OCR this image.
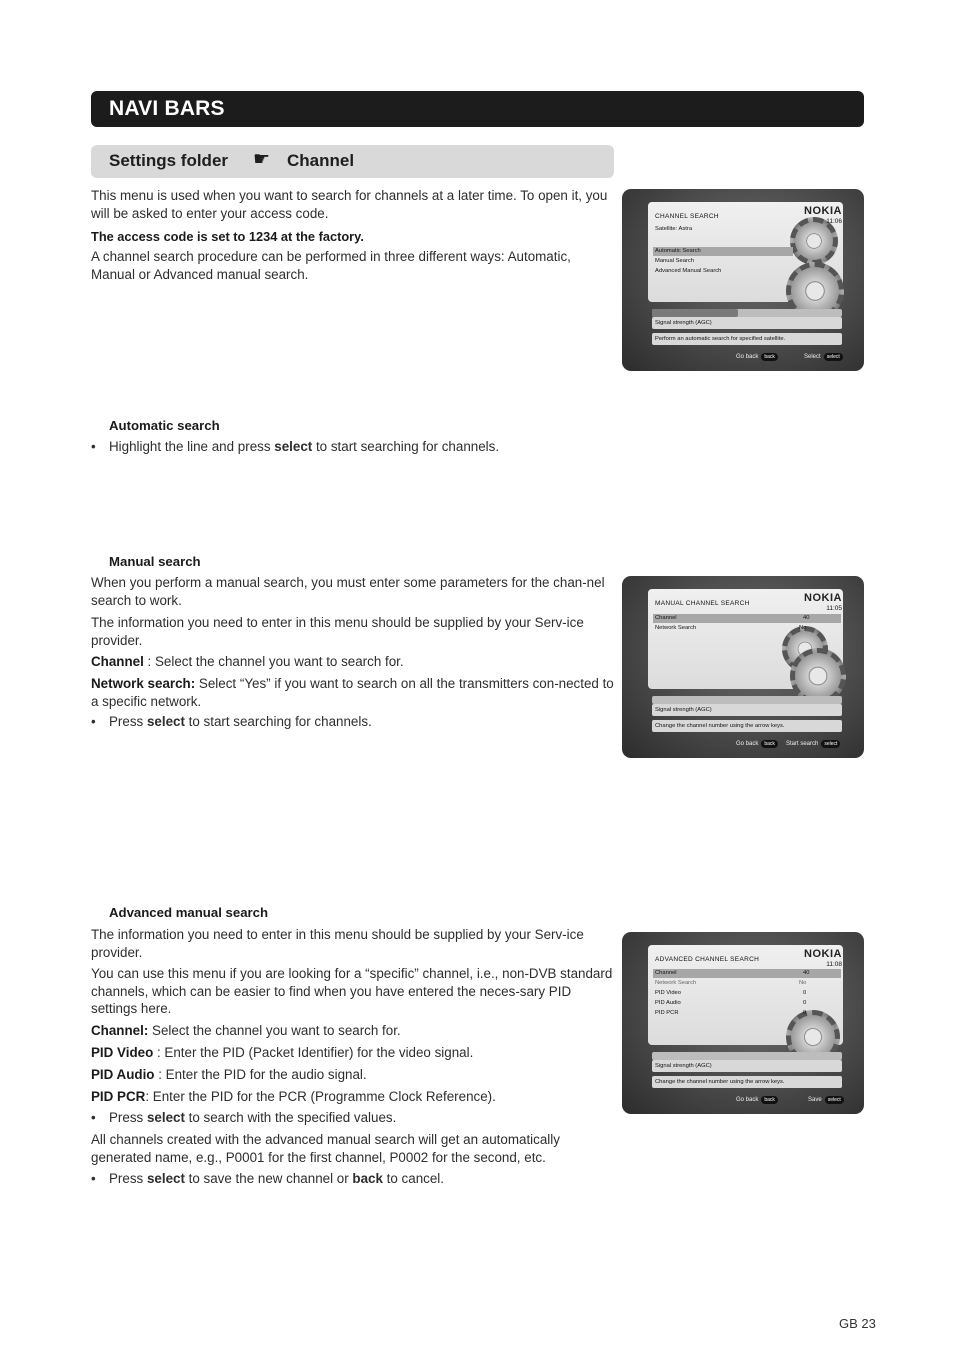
NAVI BARS
Settings folder ☛ Channel

This menu is used when you want to search for channels at a later time. To open it, you will be asked to enter your access code.

The access code is set to 1234 at the factory.

A channel search procedure can be performed in three different ways: Automatic, Manual or Advanced manual search.

NOKIA
CHANNEL SEARCH
11:06
Satellite: Astra
Automatic Search
Manual Search
Advanced Manual Search
Signal strength (AGC)
Perform an automatic search for specified satellite.
Go back back	Select select
Automatic search
• Highlight the line and press select to start searching for channels.
Manual search

When you perform a manual search, you must enter some parameters for the chan-nel search to work.

The information you need to enter in this menu should be supplied by your Serv-ice provider.

Channel : Select the channel you want to search for.

Network search: Select “Yes” if you want to search on all the transmitters con-nected to a specific network.

• Press select to start searching for channels.
NOKIA
MANUAL CHANNEL SEARCH
11:05
Channel	40
Network Search	No
Signal strength (AGC)
Change the channel number using the arrow keys.
Go back back	Start search select
Advanced manual search

The information you need to enter in this menu should be supplied by your Serv-ice provider.

You can use this menu if you are looking for a “specific” channel, i.e., non-DVB standard channels, which can be easier to find when you have entered the neces-sary PID settings here.

Channel: Select the channel you want to search for.

PID Video : Enter the PID (Packet Identifier) for the video signal.

PID Audio : Enter the PID for the audio signal.

PID PCR: Enter the PID for the PCR (Programme Clock Reference).

• Press select to search with the specified values.

All channels created with the advanced manual search will get an automatically generated name, e.g., P0001 for the first channel, P0002 for the second, etc.

• Press select to save the new channel or back to cancel.
NOKIA
ADVANCED CHANNEL SEARCH
11:08
Channel	40
Network Search	No
PID Video	0
PID Audio	0
PID PCR	0
Signal strength (AGC)
Change the channel number using the arrow keys.
Go back back	Save select
GB 23
